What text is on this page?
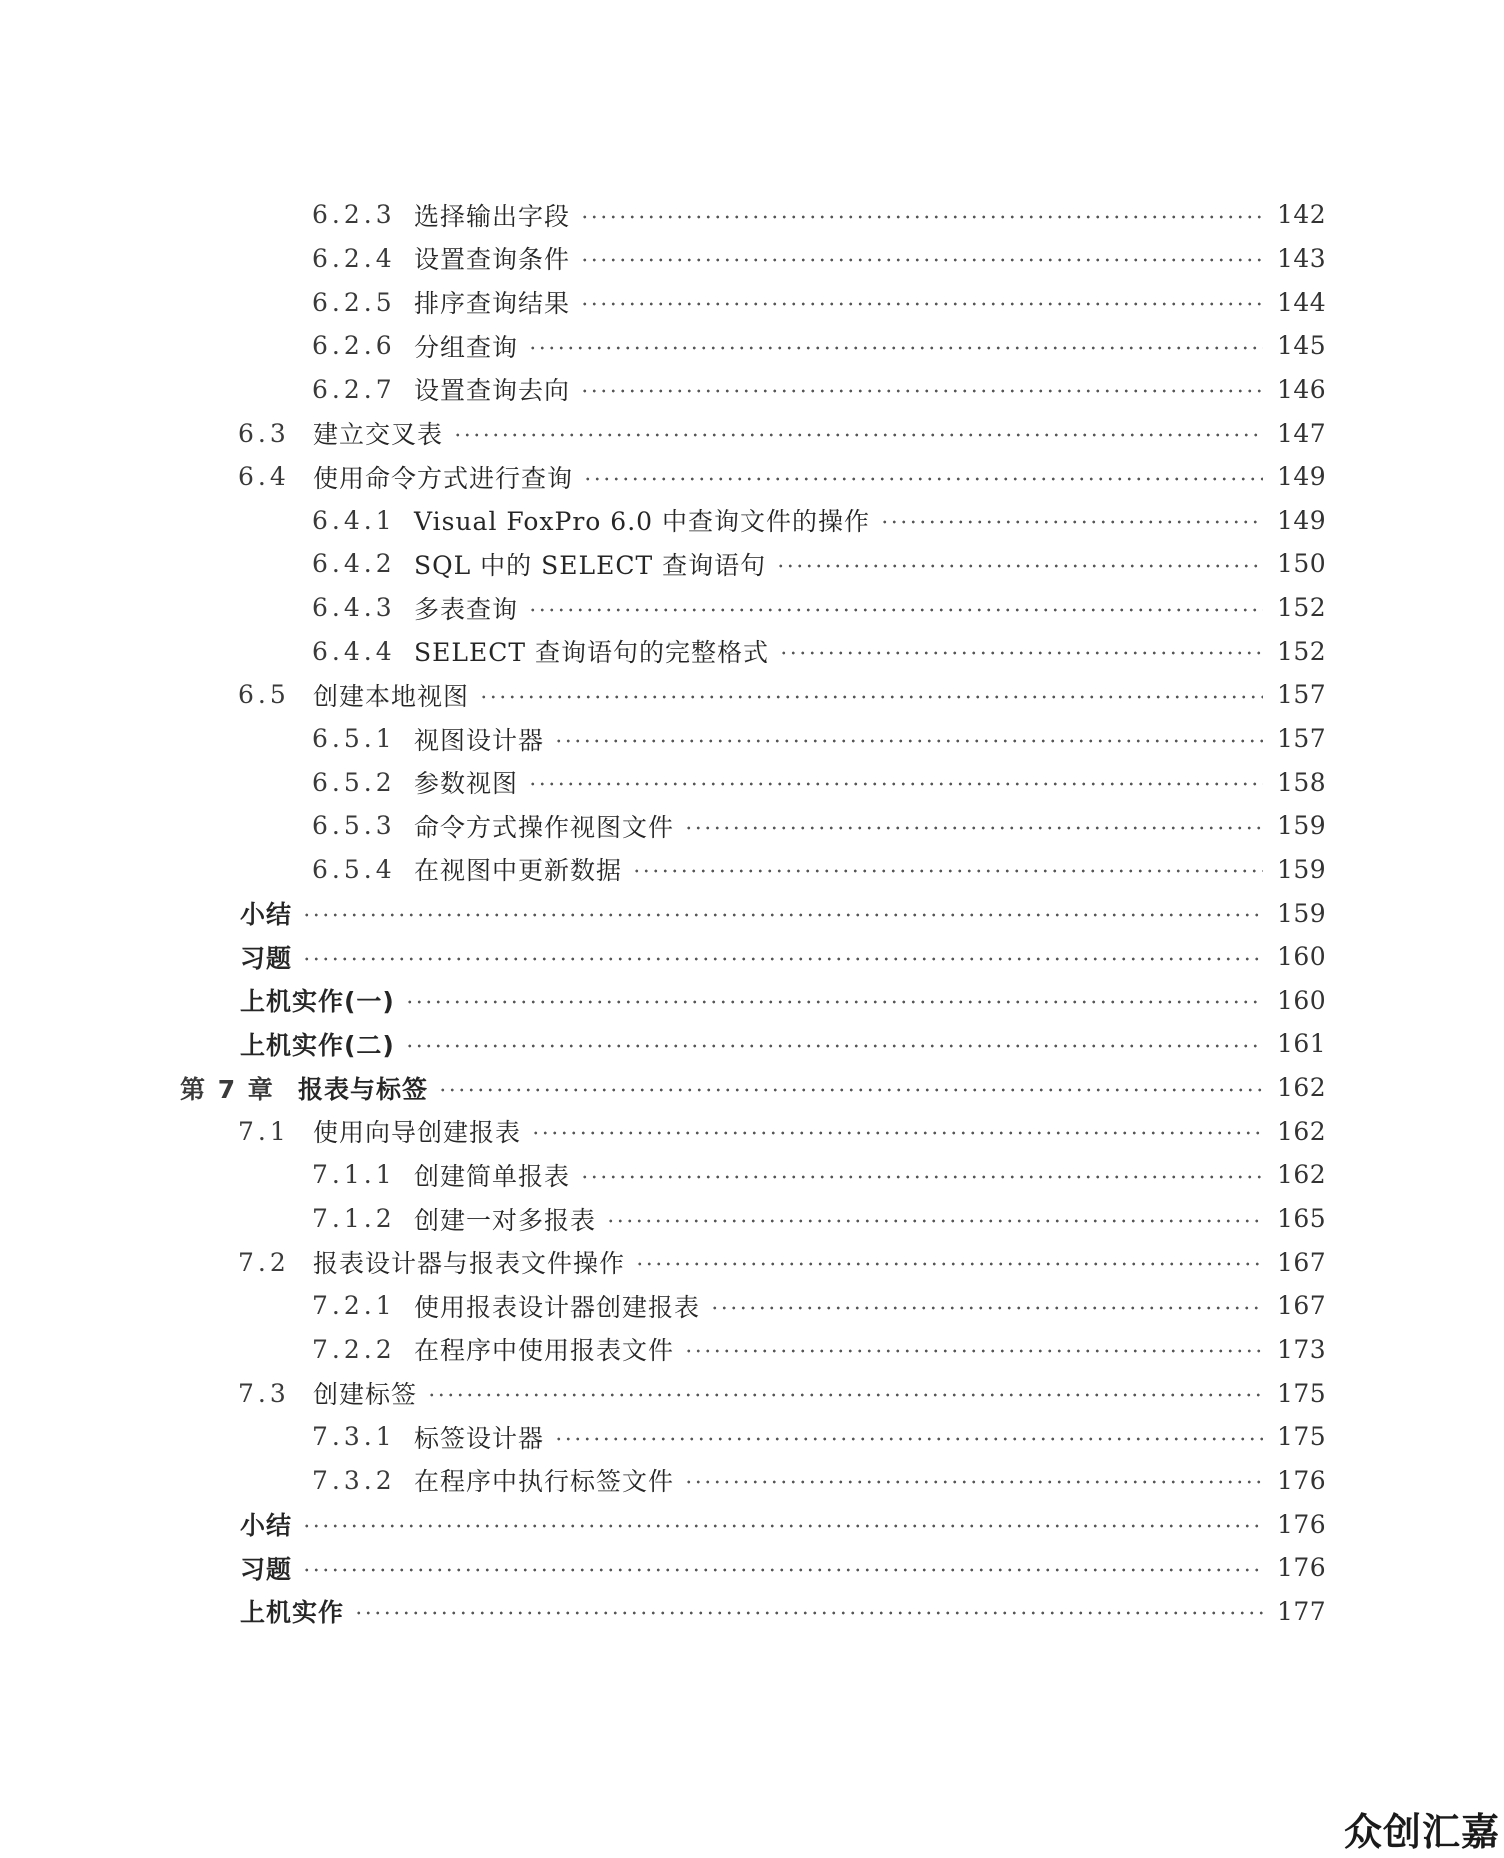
6.2.3 选择输出字段	142
6.2.4 设置查询条件	143
6.2.5 排序查询结果	144
6.2.6 分组查询	145
6.2.7 设置查询去向	146
6.3 建立交叉表	147
6.4 使用命令方式进行查询	149
6.4.1 Visual FoxPro 6.0 中查询文件的操作	149
6.4.2 SQL 中的 SELECT 查询语句	150
6.4.3 多表查询	152
6.4.4 SELECT 查询语句的完整格式	152
6.5 创建本地视图	157
6.5.1 视图设计器	157
6.5.2 参数视图	158
6.5.3 命令方式操作视图文件	159
6.5.4 在视图中更新数据	159
小结	159
习题	160
上机实作(一)	160
上机实作(二)	161
第 7 章 报表与标签	162
7.1 使用向导创建报表	162
7.1.1 创建简单报表	162
7.1.2 创建一对多报表	165
7.2 报表设计器与报表文件操作	167
7.2.1 使用报表设计器创建报表	167
7.2.2 在程序中使用报表文件	173
7.3 创建标签	175
7.3.1 标签设计器	175
7.3.2 在程序中执行标签文件	176
小结	176
习题	176
上机实作	177
众创汇嘉
